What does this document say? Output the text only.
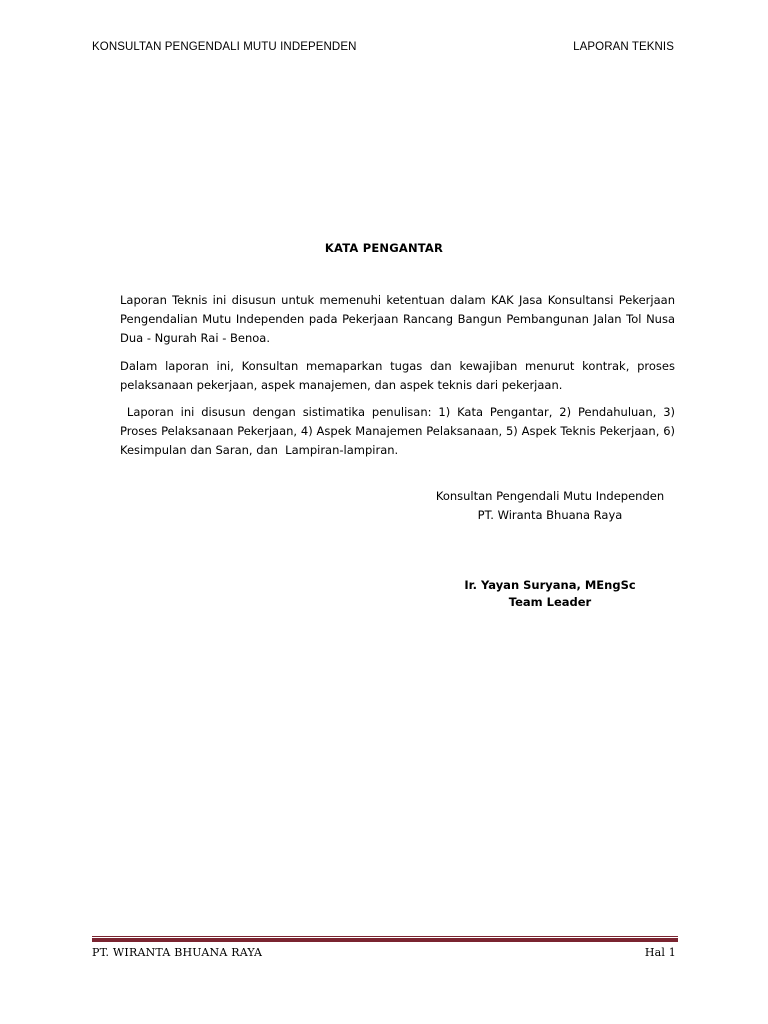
KONSULTAN PENGENDALI MUTU INDEPENDEN	LAPORAN TEKNIS
KATA PENGANTAR

Laporan Teknis ini disusun untuk memenuhi ketentuan dalam KAK Jasa Konsultansi Pekerjaan Pengendalian Mutu Independen pada Pekerjaan Rancang Bangun Pembangunan Jalan Tol Nusa Dua - Ngurah Rai - Benoa.

Dalam laporan ini, Konsultan memaparkan tugas dan kewajiban menurut kontrak, proses pelaksanaan pekerjaan, aspek manajemen, dan aspek teknis dari pekerjaan.

Laporan ini disusun dengan sistimatika penulisan: 1) Kata Pengantar, 2) Pendahuluan, 3) Proses Pelaksanaan Pekerjaan, 4) Aspek Manajemen Pelaksanaan, 5) Aspek Teknis Pekerjaan, 6) Kesimpulan dan Saran, dan  Lampiran-lampiran.

Konsultan Pengendali Mutu Independen
PT. Wiranta Bhuana Raya
Ir. Yayan Suryana, MEngSc
Team Leader
PT. WIRANTA BHUANA RAYA	Hal 1
